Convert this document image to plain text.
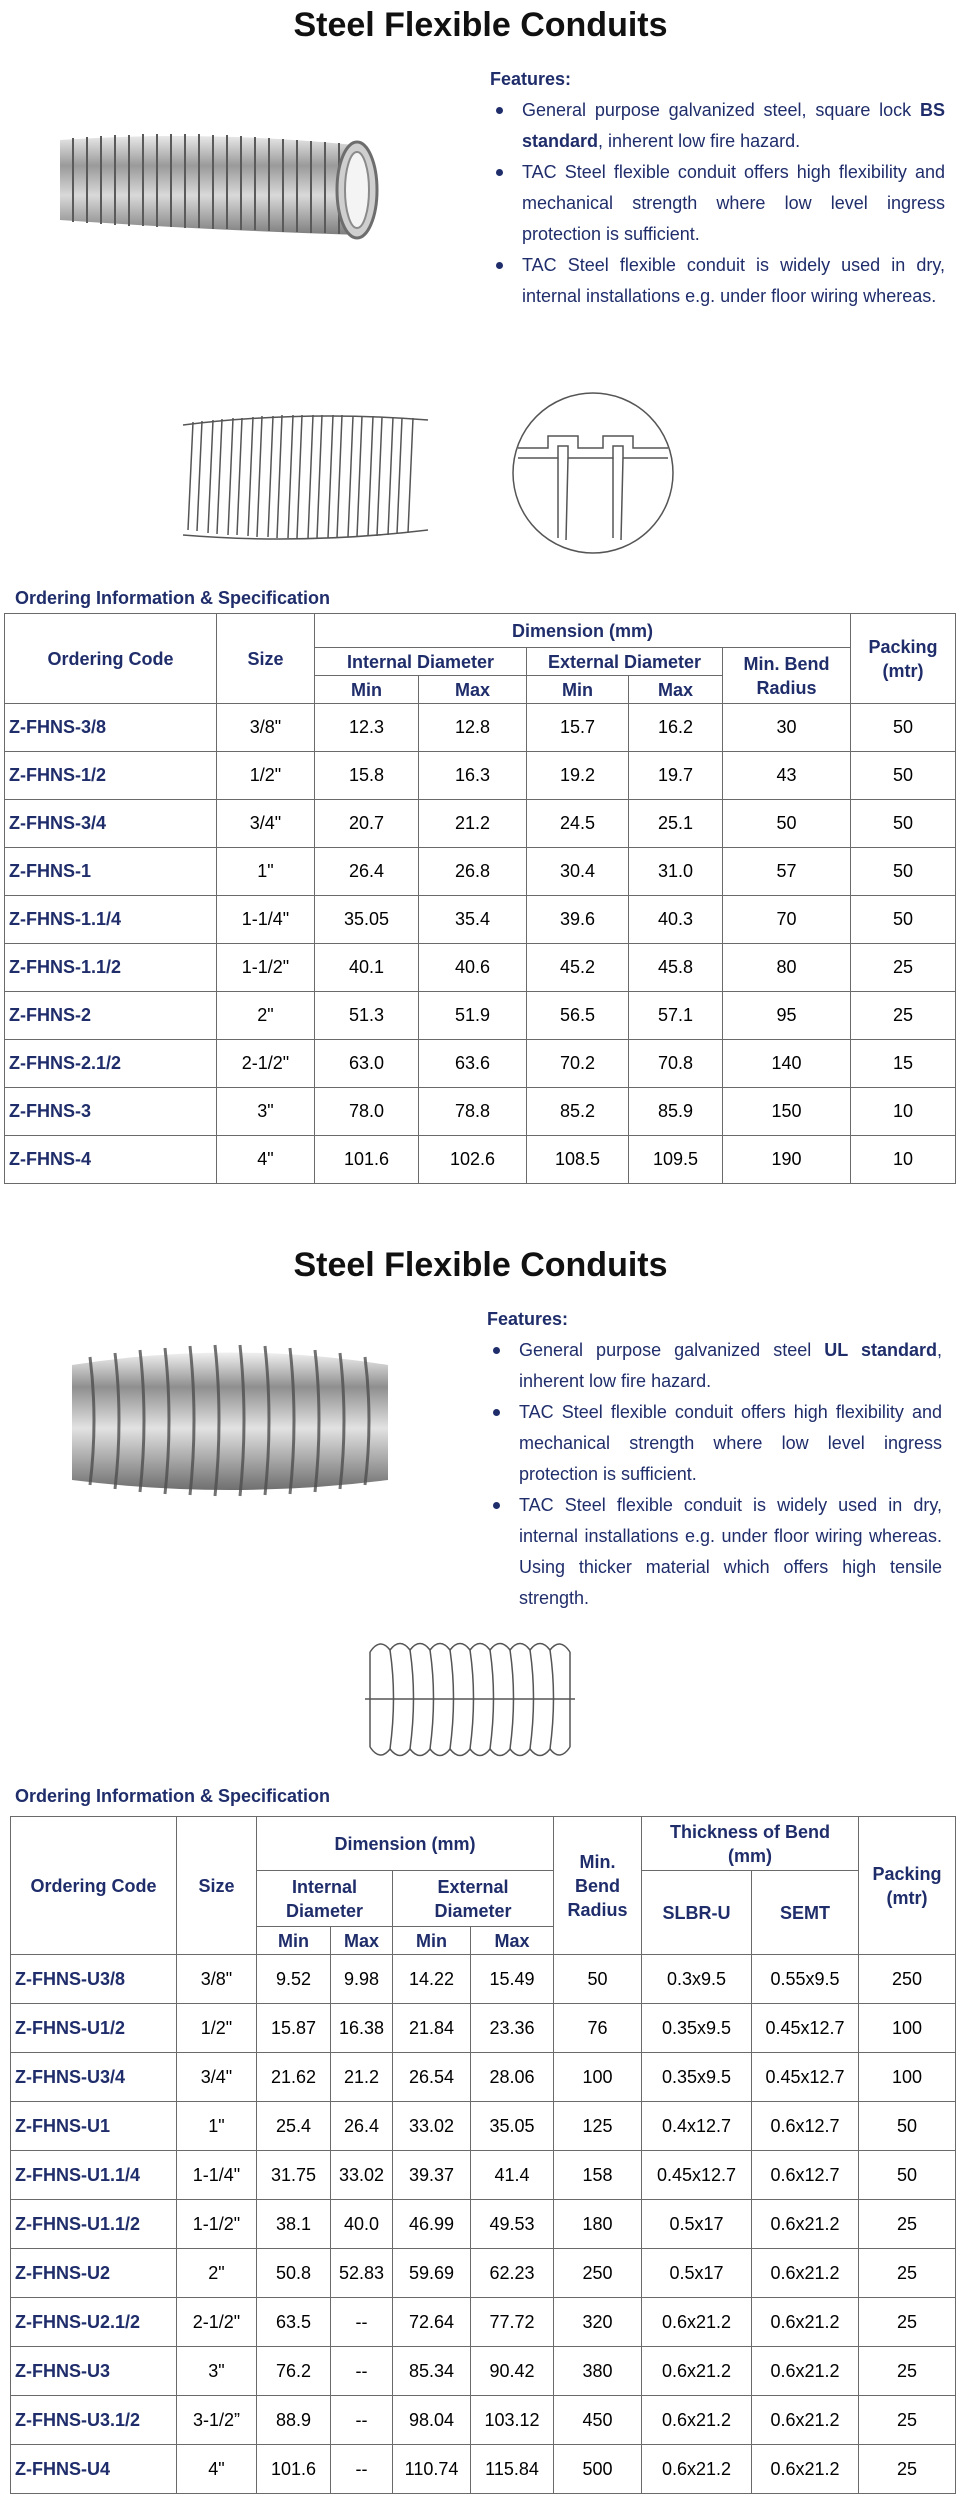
Steel Flexible Conduits
Features:
General purpose galvanized steel, square lock BS standard, inherent low fire hazard.
TAC Steel flexible conduit offers high flexibility and mechanical strength where low level ingress protection is sufficient.
TAC Steel flexible conduit is widely used in dry, internal installations e.g. under floor wiring whereas.
Ordering Information & Specification
Ordering Code	Size	Dimension (mm)					Packing (mtr)
		Internal Diameter		External Diameter		Min. Bend Radius	
		Min	Max	Min	Max		
Z-FHNS-3/8	3/8"	12.3	12.8	15.7	16.2	30	50
Z-FHNS-1/2	1/2"	15.8	16.3	19.2	19.7	43	50
Z-FHNS-3/4	3/4"	20.7	21.2	24.5	25.1	50	50
Z-FHNS-1	1"	26.4	26.8	30.4	31.0	57	50
Z-FHNS-1.1/4	1-1/4"	35.05	35.4	39.6	40.3	70	50
Z-FHNS-1.1/2	1-1/2"	40.1	40.6	45.2	45.8	80	25
Z-FHNS-2	2"	51.3	51.9	56.5	57.1	95	25
Z-FHNS-2.1/2	2-1/2"	63.0	63.6	70.2	70.8	140	15
Z-FHNS-3	3"	78.0	78.8	85.2	85.9	150	10
Z-FHNS-4	4"	101.6	102.6	108.5	109.5	190	10
Steel Flexible Conduits
Features:
General purpose galvanized steel UL standard, inherent low fire hazard.
TAC Steel flexible conduit offers high flexibility and mechanical strength where low level ingress protection is sufficient.
TAC Steel flexible conduit is widely used in dry, internal installations e.g. under floor wiring whereas. Using thicker material which offers high tensile strength.
Ordering Information & Specification
Ordering Code	Size	Dimension (mm)				Min. Bend Radius	Thickness of Bend (mm)		Packing (mtr)
		Internal Diameter		External Diameter			SLBR-U	SEMT	
		Min	Max	Min	Max				
Z-FHNS-U3/8	3/8"	9.52	9.98	14.22	15.49	50	0.3x9.5	0.55x9.5	250
Z-FHNS-U1/2	1/2"	15.87	16.38	21.84	23.36	76	0.35x9.5	0.45x12.7	100
Z-FHNS-U3/4	3/4"	21.62	21.2	26.54	28.06	100	0.35x9.5	0.45x12.7	100
Z-FHNS-U1	1"	25.4	26.4	33.02	35.05	125	0.4x12.7	0.6x12.7	50
Z-FHNS-U1.1/4	1-1/4"	31.75	33.02	39.37	41.4	158	0.45x12.7	0.6x12.7	50
Z-FHNS-U1.1/2	1-1/2"	38.1	40.0	46.99	49.53	180	0.5x17	0.6x21.2	25
Z-FHNS-U2	2"	50.8	52.83	59.69	62.23	250	0.5x17	0.6x21.2	25
Z-FHNS-U2.1/2	2-1/2"	63.5	--	72.64	77.72	320	0.6x21.2	0.6x21.2	25
Z-FHNS-U3	3"	76.2	--	85.34	90.42	380	0.6x21.2	0.6x21.2	25
Z-FHNS-U3.1/2	3-1/2”	88.9	--	98.04	103.12	450	0.6x21.2	0.6x21.2	25
Z-FHNS-U4	4"	101.6	--	110.74	115.84	500	0.6x21.2	0.6x21.2	25
